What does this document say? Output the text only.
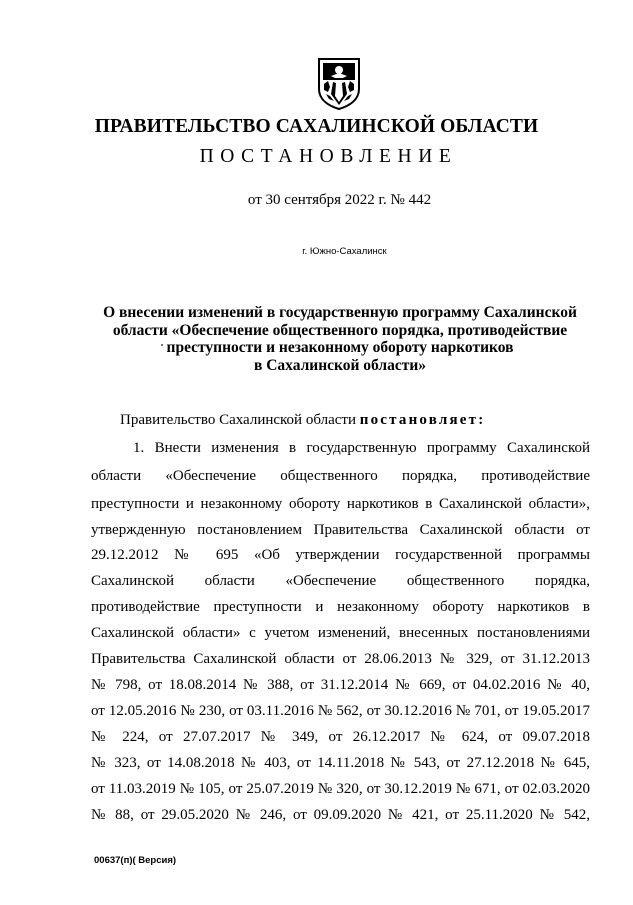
ПРАВИТЕЛЬСТВО САХАЛИНСКОЙ ОБЛАСТИ
ПОСТАНОВЛЕНИЕ
от 30 сентября 2022 г. № 442
г. Южно-Сахалинск
О внесении изменений в государственную программу Сахалинской
области «Обеспечение общественного порядка, противодействие
преступности и незаконному обороту наркотиков
в Сахалинской области»
Правительство Сахалинской области постановляет:
1. Внести изменения в государственную программу Сахалинской
области «Обеспечение общественного порядка, противодействие
преступности и незаконному обороту наркотиков в Сахалинской области»,
утвержденную постановлением Правительства Сахалинской области от
29.12.2012 № 695 «Об утверждении государственной программы
Сахалинской области «Обеспечение общественного порядка,
противодействие преступности и незаконному обороту наркотиков в
Сахалинской области» с учетом изменений, внесенных постановлениями
Правительства Сахалинской области от 28.06.2013 № 329, от 31.12.2013
№ 798, от 18.08.2014 № 388, от 31.12.2014 № 669, от 04.02.2016 № 40,
от 12.05.2016 № 230, от 03.11.2016 № 562, от 30.12.2016 № 701, от 19.05.2017
№ 224, от 27.07.2017 № 349, от 26.12.2017 № 624, от 09.07.2018
№ 323, от 14.08.2018 № 403, от 14.11.2018 № 543, от 27.12.2018 № 645,
от 11.03.2019 № 105, от 25.07.2019 № 320, от 30.12.2019 № 671, от 02.03.2020
№ 88, от 29.05.2020 № 246, от 09.09.2020 № 421, от 25.11.2020 № 542,
00637(п)( Версия)
